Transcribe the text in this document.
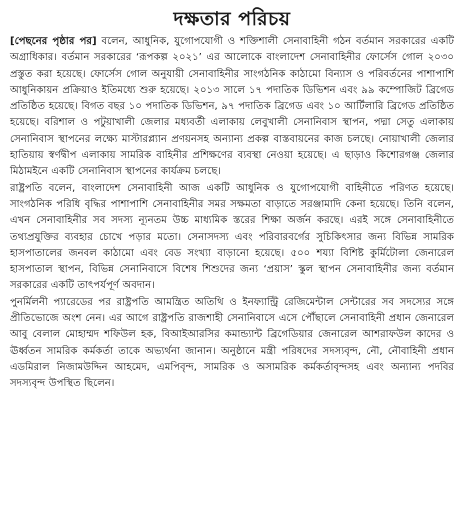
দক্ষতার পরিচয়

[পেছনের পৃষ্ঠার পর] বলেন, আধুনিক, যুগোপযোগী ও শক্তিশালী সেনাবাহিনী গঠন বর্তমান সরকারের একটি অগ্রাধিকার। বর্তমান সরকারের ‘রূপকল্প ২০২১’ এর আলোকে বাংলাদেশ সেনাবাহিনীর ফোর্সেস গোল ২০৩০ প্রস্তুত করা হয়েছে। ফোর্সেস গোল অনুযায়ী সেনাবাহিনীর সাংগঠনিক কাঠামো বিন্যাস ও পরিবর্তনের পাশাপাশি আধুনিকায়ন প্রক্রিয়াও ইতিমধ্যে শুরু হয়েছে। ২০১৩ সালে ১৭ পদাতিক ডিভিশন এবং ৯৯ কম্পোজিট ব্রিগেড প্রতিষ্ঠিত হয়েছে। বিগত বছর ১০ পদাতিক ডিভিশন, ৯৭ পদাতিক ব্রিগেড এবং ১০ আর্টিলারি ব্রিগেড প্রতিষ্ঠিত হয়েছে। বরিশাল ও পটুয়াখালী জেলার মধ্যবর্তী এলাকায় লেবুখালী সেনানিবাস স্থাপন, পদ্মা সেতু এলাকায় সেনানিবাস স্থাপনের লক্ষ্যে মাস্টারপ্ল্যান প্রণয়নসহ অন্যান্য প্রকল্প বাস্তবায়নের কাজ চলছে। নোয়াখালী জেলার হাতিয়ায় স্বর্ণদ্বীপ এলাকায় সামরিক বাহিনীর প্রশিক্ষণের ব্যবস্থা নেওয়া হয়েছে। এ ছাড়াও কিশোরগঞ্জ জেলার মিঠামইনে একটি সেনানিবাস স্থাপনের কার্যক্রম চলছে।

রাষ্ট্রপতি বলেন, বাংলাদেশ সেনাবাহিনী আজ একটি আধুনিক ও যুগোপযোগী বাহিনীতে পরিণত হয়েছে। সাংগঠনিক পরিধি বৃদ্ধির পাশাপাশি সেনাবাহিনীর সমর সক্ষমতা বাড়াতে সরঞ্জামাদি কেনা হয়েছে। তিনি বলেন, এখন সেনাবাহিনীর সব সদস্য ন্যূনতম উচ্চ মাধ্যমিক স্তরের শিক্ষা অর্জন করছে। এরই সঙ্গে সেনাবাহিনীতে তথ্যপ্রযুক্তির ব্যবহার চোখে পড়ার মতো। সেনাসদস্য এবং পরিবারবর্গের সুচিকিৎসার জন্য বিভিন্ন সামরিক হাসপাতালের জনবল কাঠামো এবং বেড সংখ্যা বাড়ানো হয়েছে। ৫০০ শয্যা বিশিষ্ট কুর্মিটোলা জেনারেল হাসপাতাল স্থাপন, বিভিন্ন সেনানিবাসে বিশেষ শিশুদের জন্য ‘প্রয়াস’ স্কুল স্থাপন সেনাবাহিনীর জন্য বর্তমান সরকারের একটি তাৎপর্যপূর্ণ অবদান।

পুনর্মিলনী প্যারেডের পর রাষ্ট্রপতি আমন্ত্রিত অতিথি ও ইনফ্যান্ট্রি রেজিমেন্টাল সেন্টারের সব সদস্যের সঙ্গে প্রীতিভোজে অংশ নেন। এর আগে রাষ্ট্রপতি রাজশাহী সেনানিবাসে এসে পৌঁছালে সেনাবাহিনী প্রধান জেনারেল আবু বেলাল মোহাম্মদ শফিউল হক, বিআইআরসির কমান্ড্যান্ট ব্রিগেডিয়ার জেনারেল আশরাফউল কাদের ও ঊর্ধ্বতন সামরিক কর্মকর্তা তাকে অভ্যর্থনা জানান। অনুষ্ঠানে মন্ত্রী পরিষদের সদস্যবৃন্দ, নৌ, নৌবাহিনী প্রধান এডমিরাল নিজামউদ্দিন আহমেদ, এমপিবৃন্দ, সামরিক ও অসামরিক কর্মকর্তাবৃন্দসহ এবং অন্যান্য পদবির সদস্যবৃন্দ উপস্থিত ছিলেন।
